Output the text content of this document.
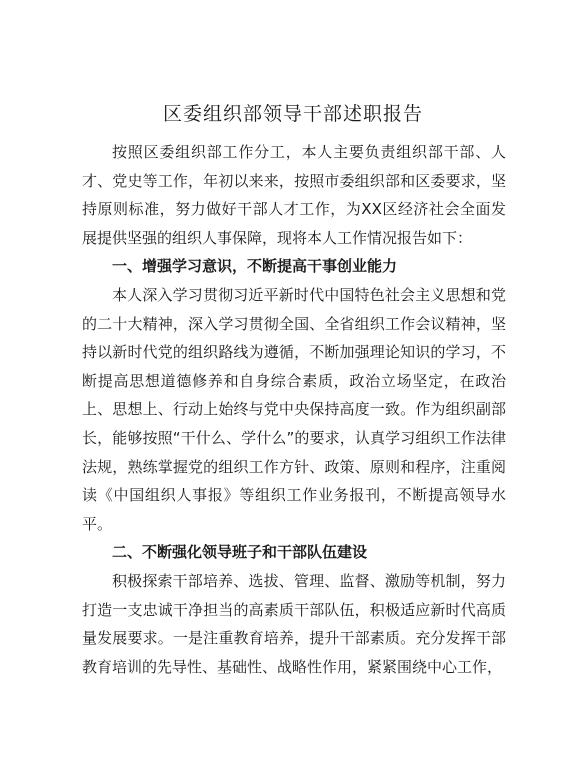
区委组织部领导干部述职报告

按照区委组织部工作分工，本人主要负责组织部干部、人才、党史等工作，年初以来来，按照市委组织部和区委要求，坚持原则标准，努力做好干部人才工作，为XX区经济社会全面发展提供坚强的组织人事保障，现将本人工作情况报告如下：

一、增强学习意识，不断提高干事创业能力

本人深入学习贯彻习近平新时代中国特色社会主义思想和党的二十大精神，深入学习贯彻全国、全省组织工作会议精神，坚持以新时代党的组织路线为遵循，不断加强理论知识的学习，不断提高思想道德修养和自身综合素质，政治立场坚定，在政治上、思想上、行动上始终与党中央保持高度一致。作为组织副部长，能够按照“干什么、学什么”的要求，认真学习组织工作法律法规，熟练掌握党的组织工作方针、政策、原则和程序，注重阅读《中国组织人事报》等组织工作业务报刊，不断提高领导水平。

二、不断强化领导班子和干部队伍建设

积极探索干部培养、选拔、管理、监督、激励等机制，努力打造一支忠诚干净担当的高素质干部队伍，积极适应新时代高质量发展要求。一是注重教育培养，提升干部素质。充分发挥干部教育培训的先导性、基础性、战略性作用，紧紧围绕中心工作，
